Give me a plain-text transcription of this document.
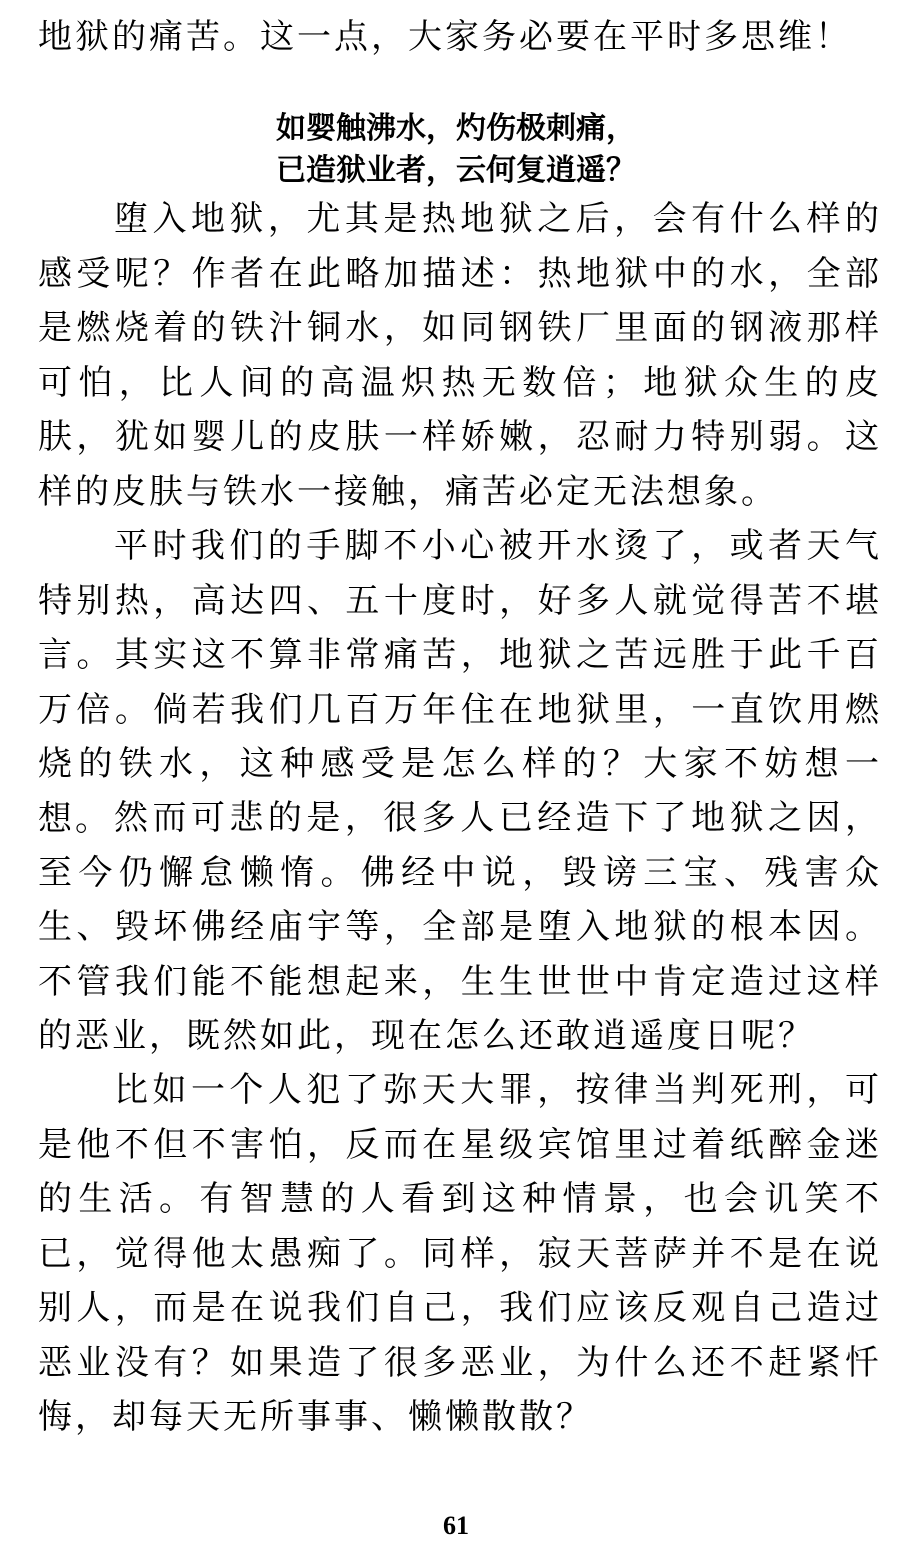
地狱的痛苦。这一点，大家务必要在平时多思维！

如婴触沸水，灼伤极刺痛，
已造狱业者，云何复逍遥？

堕入地狱，尤其是热地狱之后，会有什么样的感受呢？作者在此略加描述：热地狱中的水，全部是燃烧着的铁汁铜水，如同钢铁厂里面的钢液那样可怕，比人间的高温炽热无数倍；地狱众生的皮肤，犹如婴儿的皮肤一样娇嫩，忍耐力特别弱。这样的皮肤与铁水一接触，痛苦必定无法想象。

平时我们的手脚不小心被开水烫了，或者天气特别热，高达四、五十度时，好多人就觉得苦不堪言。其实这不算非常痛苦，地狱之苦远胜于此千百万倍。倘若我们几百万年住在地狱里，一直饮用燃烧的铁水，这种感受是怎么样的？大家不妨想一想。 然而可悲的是，很多人已经造下了地狱之因，至今仍懈怠懒惰。佛经中说，毁谤三宝、残害众生、毁坏佛经庙宇等，全部是堕入地狱的根本因。不管我们能不能想起来，生生世世中肯定造过这样的恶业，既然如此，现在怎么还敢逍遥度日呢？

比如一个人犯了弥天大罪，按律当判死刑，可是他不但不害怕，反而在星级宾馆里过着纸醉金迷的生活。有智慧的人看到这种情景，也会讥笑不已，觉得他太愚痴了。同样，寂天菩萨并不是在说别人，而是在说我们自己，我们应该反观自己造过恶业没有？如果造了很多恶业，为什么还不赶紧忏悔，却每天无所事事、懒懒散散？

61
